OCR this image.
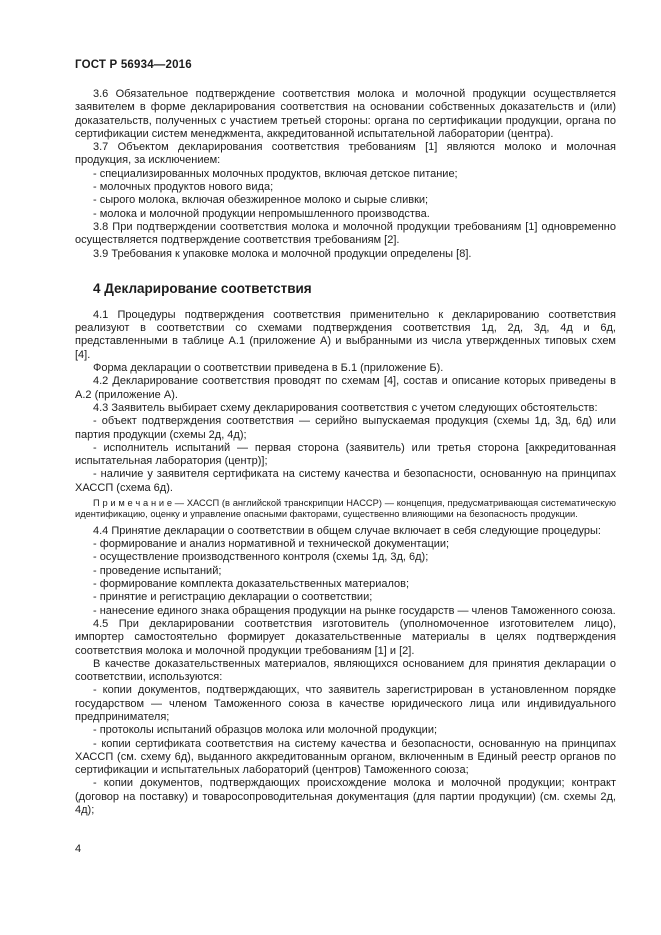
ГОСТ Р 56934—2016

3.6 Обязательное подтверждение соответствия молока и молочной продукции осуществляется заявителем в форме декларирования соответствия на основании собственных доказательств и (или) доказательств, полученных с участием третьей стороны: органа по сертификации продукции, органа по сертификации систем менеджмента, аккредитованной испытательной лаборатории (центра).

3.7 Объектом декларирования соответствия требованиям [1] являются молоко и молочная продукция, за исключением:

- специализированных молочных продуктов, включая детское питание;

- молочных продуктов нового вида;

- сырого молока, включая обезжиренное молоко и сырые сливки;

- молока и молочной продукции непромышленного производства.

3.8 При подтверждении соответствия молока и молочной продукции требованиям [1] одновременно осуществляется подтверждение соответствия требованиям [2].

3.9 Требования к упаковке молока и молочной продукции определены [8].

4 Декларирование соответствия

4.1 Процедуры подтверждения соответствия применительно к декларированию соответствия реализуют в соответствии со схемами подтверждения соответствия 1д, 2д, 3д, 4д и 6д, представленными в таблице А.1 (приложение А) и выбранными из числа утвержденных типовых схем [4].

Форма декларации о соответствии приведена в Б.1 (приложение Б).

4.2 Декларирование соответствия проводят по схемам [4], состав и описание которых приведены в А.2 (приложение А).

4.3 Заявитель выбирает схему декларирования соответствия с учетом следующих обстоятельств:

- объект подтверждения соответствия — серийно выпускаемая продукция (схемы 1д, 3д, 6д) или партия продукции (схемы 2д, 4д);

- исполнитель испытаний — первая сторона (заявитель) или третья сторона [аккредитованная испытательная лаборатория (центр)];

- наличие у заявителя сертификата на систему качества и безопасности, основанную на принципах ХАССП (схема 6д).

П р и м е ч а н и е — ХАССП (в английской транскрипции HACCP) — концепция, предусматривающая систематическую идентификацию, оценку и управление опасными факторами, существенно влияющими на безопасность продукции.

4.4 Принятие декларации о соответствии в общем случае включает в себя следующие процедуры:

- формирование и анализ нормативной и технической документации;

- осуществление производственного контроля (схемы 1д, 3д, 6д);

- проведение испытаний;

- формирование комплекта доказательственных материалов;

- принятие и регистрацию декларации о соответствии;

- нанесение единого знака обращения продукции на рынке государств — членов Таможенного союза.

4.5 При декларировании соответствия изготовитель (уполномоченное изготовителем лицо), импортер самостоятельно формирует доказательственные материалы в целях подтверждения соответствия молока и молочной продукции требованиям [1] и [2].

В качестве доказательственных материалов, являющихся основанием для принятия декларации о соответствии, используются:

- копии документов, подтверждающих, что заявитель зарегистрирован в установленном порядке государством — членом Таможенного союза в качестве юридического лица или индивидуального предпринимателя;

- протоколы испытаний образцов молока или молочной продукции;

- копии сертификата соответствия на систему качества и безопасности, основанную на принципах ХАССП (см. схему 6д), выданного аккредитованным органом, включенным в Единый реестр органов по сертификации и испытательных лабораторий (центров) Таможенного союза;

- копии документов, подтверждающих происхождение молока и молочной продукции; контракт (договор на поставку) и товаросопроводительная документация (для партии продукции) (см. схемы 2д, 4д);

4
